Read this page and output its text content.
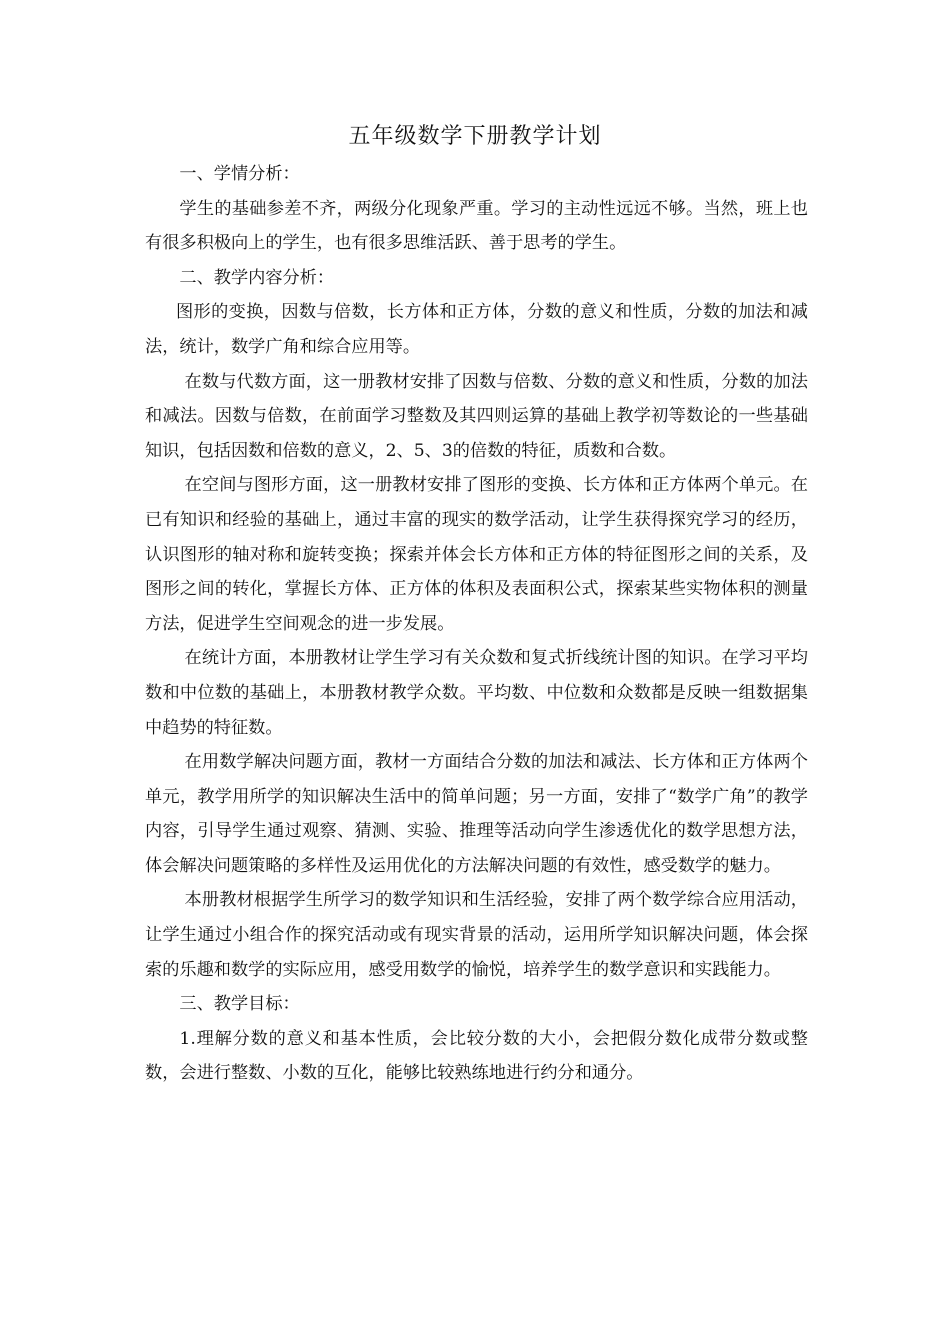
五年级数学下册教学计划

一、学情分析：

学生的基础参差不齐，两级分化现象严重。学习的主动性远远不够。当然，班上也有很多积极向上的学生，也有很多思维活跃、善于思考的学生。

二、教学内容分析：

图形的变换，因数与倍数，长方体和正方体，分数的意义和性质，分数的加法和减法，统计，数学广角和综合应用等。

在数与代数方面，这一册教材安排了因数与倍数、分数的意义和性质，分数的加法和减法。因数与倍数，在前面学习整数及其四则运算的基础上教学初等数论的一些基础知识，包括因数和倍数的意义，2、5、3的倍数的特征，质数和合数。

在空间与图形方面，这一册教材安排了图形的变换、长方体和正方体两个单元。在已有知识和经验的基础上，通过丰富的现实的数学活动，让学生获得探究学习的经历，认识图形的轴对称和旋转变换；探索并体会长方体和正方体的特征图形之间的关系，及图形之间的转化，掌握长方体、正方体的体积及表面积公式，探索某些实物体积的测量方法，促进学生空间观念的进一步发展。

在统计方面，本册教材让学生学习有关众数和复式折线统计图的知识。在学习平均数和中位数的基础上，本册教材教学众数。平均数、中位数和众数都是反映一组数据集中趋势的特征数。

在用数学解决问题方面，教材一方面结合分数的加法和减法、长方体和正方体两个单元，教学用所学的知识解决生活中的简单问题；另一方面，安排了“数学广角”的教学内容，引导学生通过观察、猜测、实验、推理等活动向学生渗透优化的数学思想方法，体会解决问题策略的多样性及运用优化的方法解决问题的有效性，感受数学的魅力。

本册教材根据学生所学习的数学知识和生活经验，安排了两个数学综合应用活动，让学生通过小组合作的探究活动或有现实背景的活动，运用所学知识解决问题，体会探索的乐趣和数学的实际应用，感受用数学的愉悦，培养学生的数学意识和实践能力。

三、教学目标：

1.理解分数的意义和基本性质，会比较分数的大小，会把假分数化成带分数或整数，会进行整数、小数的互化，能够比较熟练地进行约分和通分。
